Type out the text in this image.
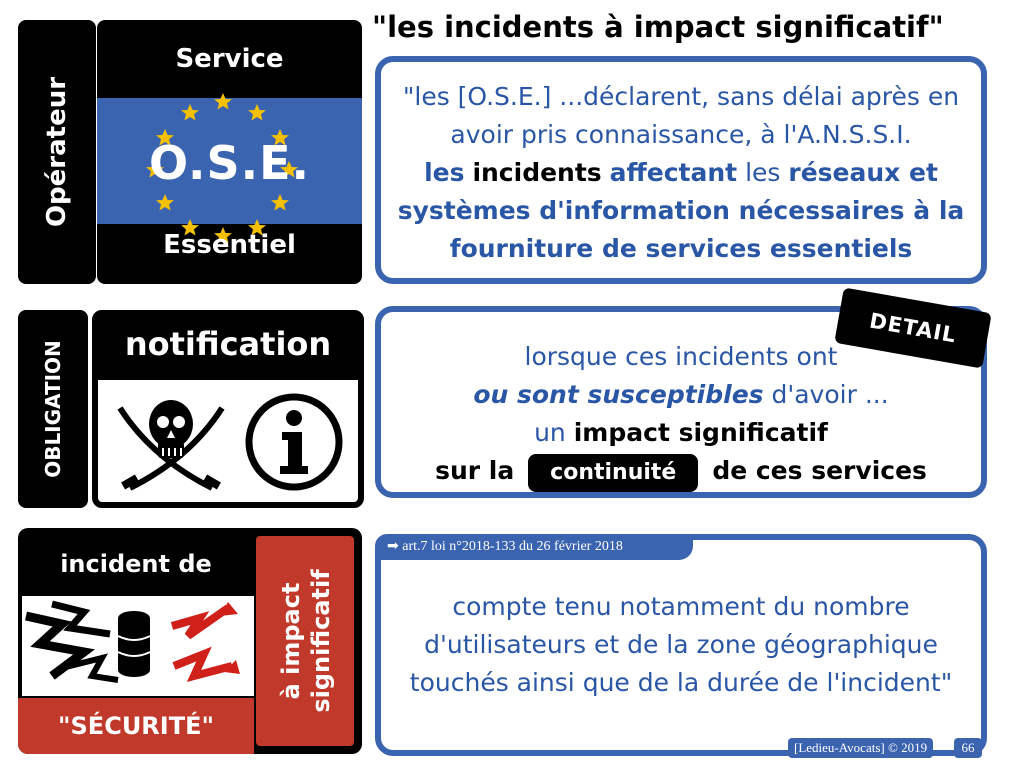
"les incidents à impact significatif"
Opérateur
Service
O.S.E.
Essentiel
"les [O.S.E.] ...déclarent, sans délai après en
avoir pris connaissance, à l'A.N.S.S.I.
les incidents affectant les réseaux et
systèmes d'information nécessaires à la
fourniture de services essentiels
OBLIGATION	notification	lorsque ces incidents ont
ou sont susceptibles d'avoir ...
un impact significatif
sur la continuité de ces services
DETAIL
incident de
"SÉCURITÉ"
à impact significatif
➡ art.7 loi n°2018-133 du 26 février 2018
compte tenu notamment du nombre
d'utilisateurs et de la zone géographique
touchés ainsi que de la durée de l'incident"
[Ledieu-Avocats] © 2019	66
